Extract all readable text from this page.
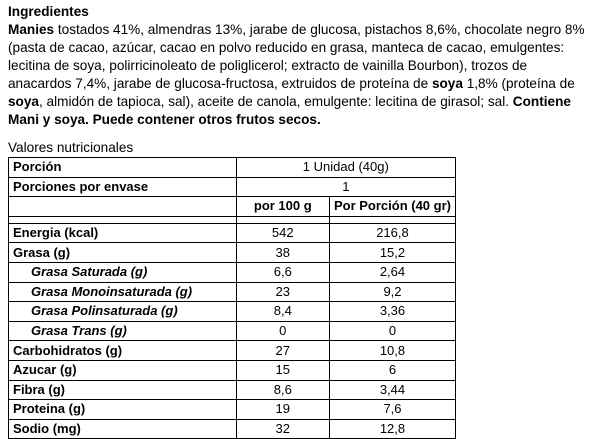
Ingredientes

Manies tostados 41%, almendras 13%, jarabe de glucosa, pistachos 8,6%, chocolate negro 8% (pasta de cacao, azúcar, cacao en polvo reducido en grasa, manteca de cacao, emulgentes: lecitina de soya, polirricinoleato de poliglicerol; extracto de vainilla Bourbon), trozos de anacardos 7,4%, jarabe de glucosa-fructosa, extruidos de proteína de soya 1,8% (proteína de soya, almidón de tapioca, sal), aceite de canola, emulgente: lecitina de girasol; sal. Contiene Mani y soya. Puede contener otros frutos secos.

Valores nutricionales
Porción	1 Unidad (40g)	
Porciones por envase	1	
	por 100 g	Por Porción (40 gr)

Energia (kcal)	542	216,8
Grasa (g)	38	15,2
Grasa Saturada (g)	6,6	2,64
Grasa Monoinsaturada (g)	23	9,2
Grasa Polinsaturada (g)	8,4	3,36
Grasa Trans (g)	0	0
Carbohidratos (g)	27	10,8
Azucar (g)	15	6
Fibra (g)	8,6	3,44
Proteina (g)	19	7,6
Sodio (mg)	32	12,8
